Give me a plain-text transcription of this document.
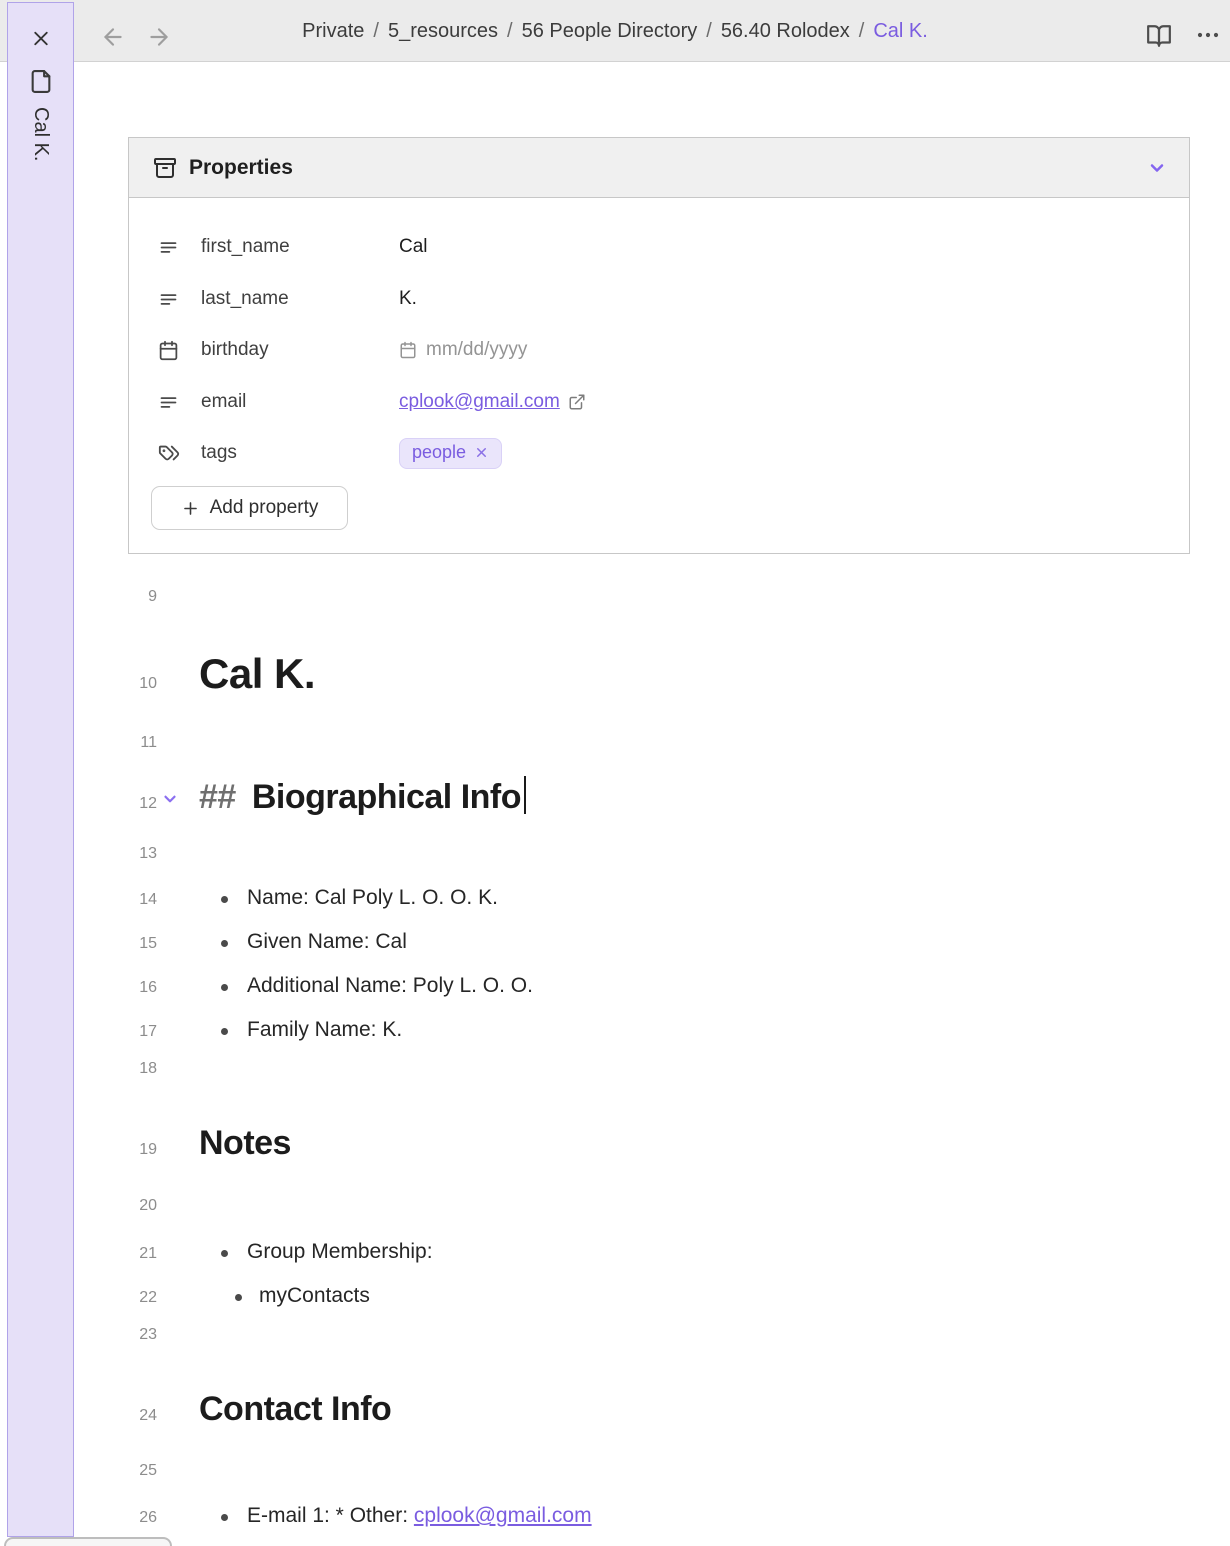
9
10 Cal K.
11
12 ## Biographical Info
13
14	Name: Cal Poly L. O. O. K.
15	Given Name: Cal
16	Additional Name: Poly L. O. O.
17	Family Name: K.
18
19 Notes
20
21	Group Membership:
22	myContacts
23
24 Contact Info
25
26	E-mail 1: * Other: cplook@gmail.com
Properties
first_name	Cal
last_name	K.
birthday	mm/dd/yyyy
email	cplook@gmail.com
tags	people
Add property
Private / 5_resources / 56 People Directory / 56.40 Rolodex / Cal K.
Cal K.
